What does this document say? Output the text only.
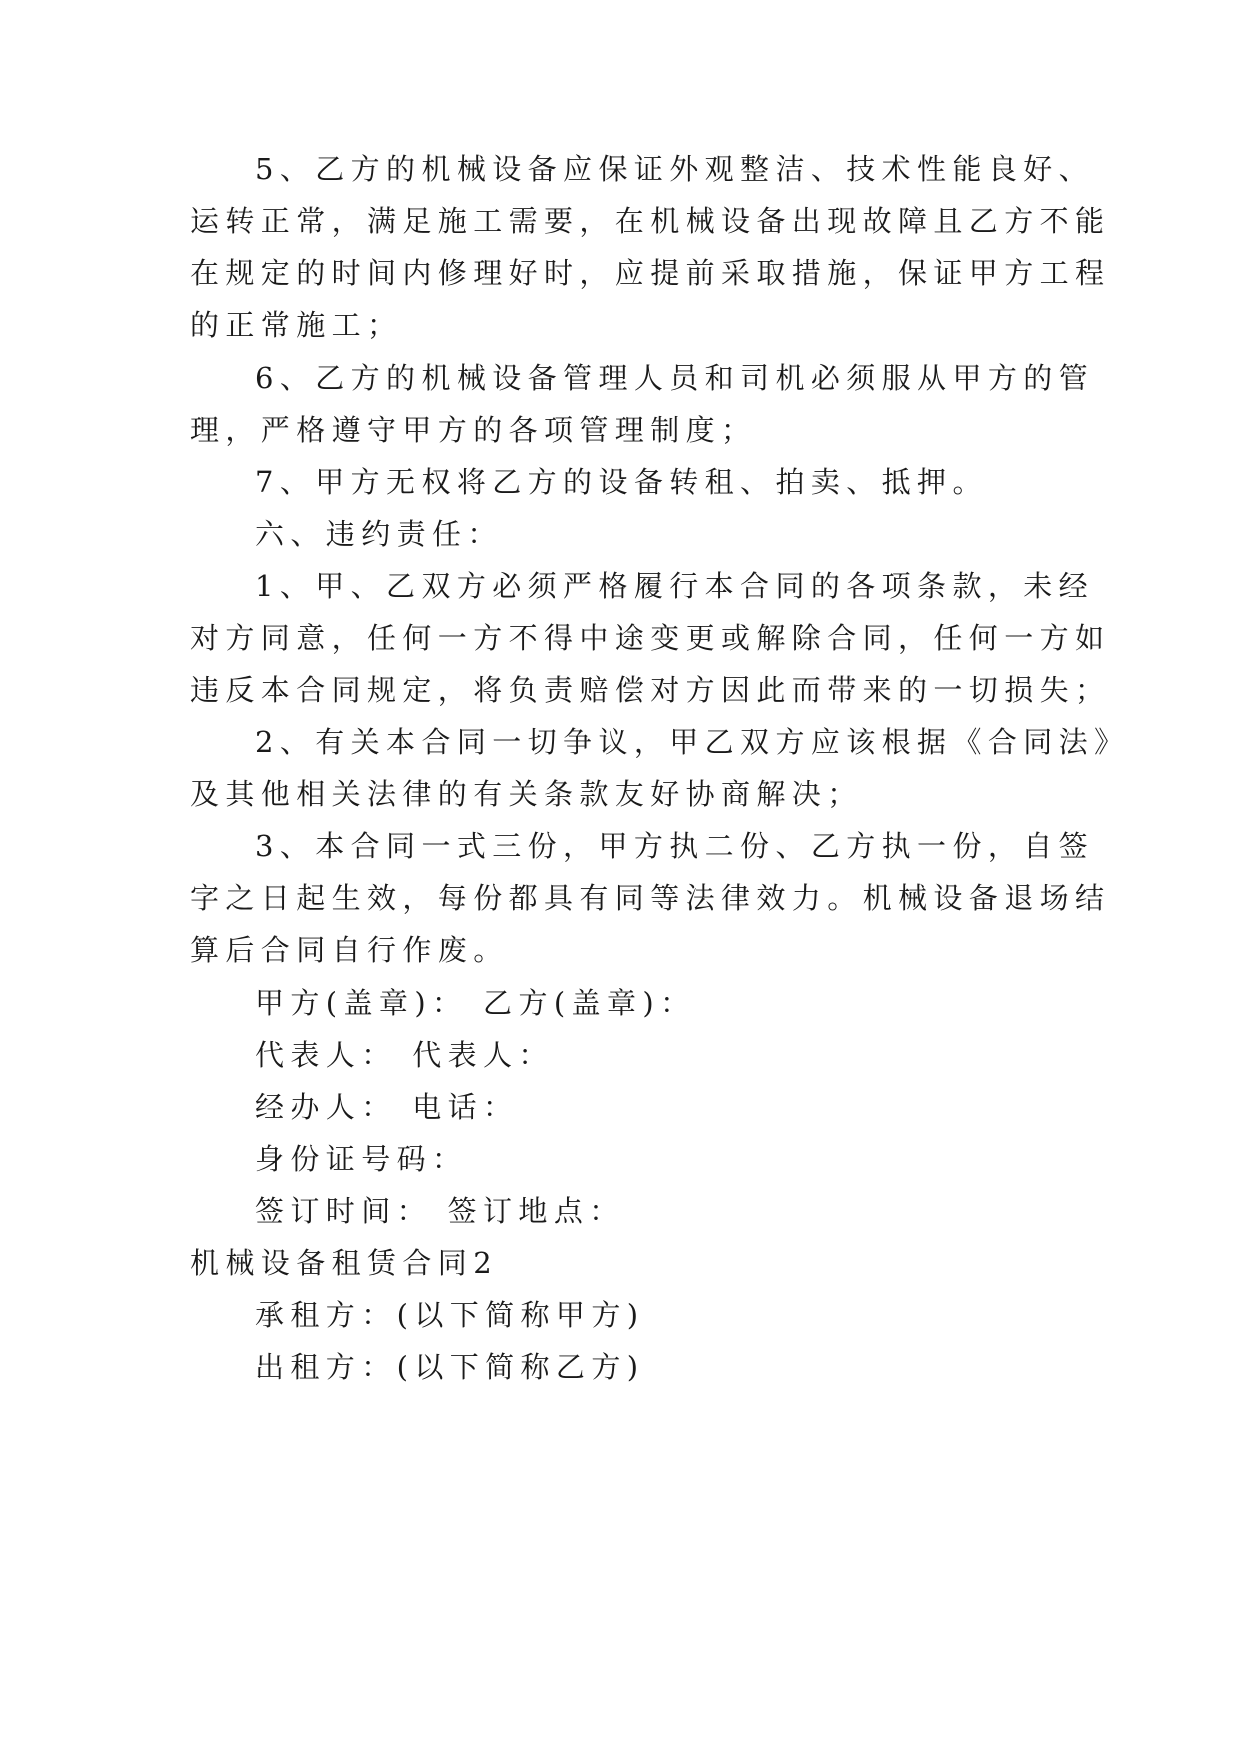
5、乙方的机械设备应保证外观整洁、技术性能良好、
运转正常，满足施工需要，在机械设备出现故障且乙方不能
在规定的时间内修理好时，应提前采取措施，保证甲方工程
的正常施工；
6、乙方的机械设备管理人员和司机必须服从甲方的管
理，严格遵守甲方的各项管理制度；
7、甲方无权将乙方的设备转租、拍卖、抵押。
六、违约责任：
1、甲、乙双方必须严格履行本合同的各项条款，未经
对方同意，任何一方不得中途变更或解除合同，任何一方如
违反本合同规定，将负责赔偿对方因此而带来的一切损失；
2、有关本合同一切争议，甲乙双方应该根据《合同法》
及其他相关法律的有关条款友好协商解决；
3、本合同一式三份，甲方执二份、乙方执一份，自签
字之日起生效，每份都具有同等法律效力。机械设备退场结
算后合同自行作废。
甲方(盖章)： 乙方(盖章)：
代表人： 代表人：
经办人： 电话：
身份证号码：
签订时间： 签订地点：
机械设备租赁合同2
承租方：(以下简称甲方)
出租方：(以下简称乙方)
